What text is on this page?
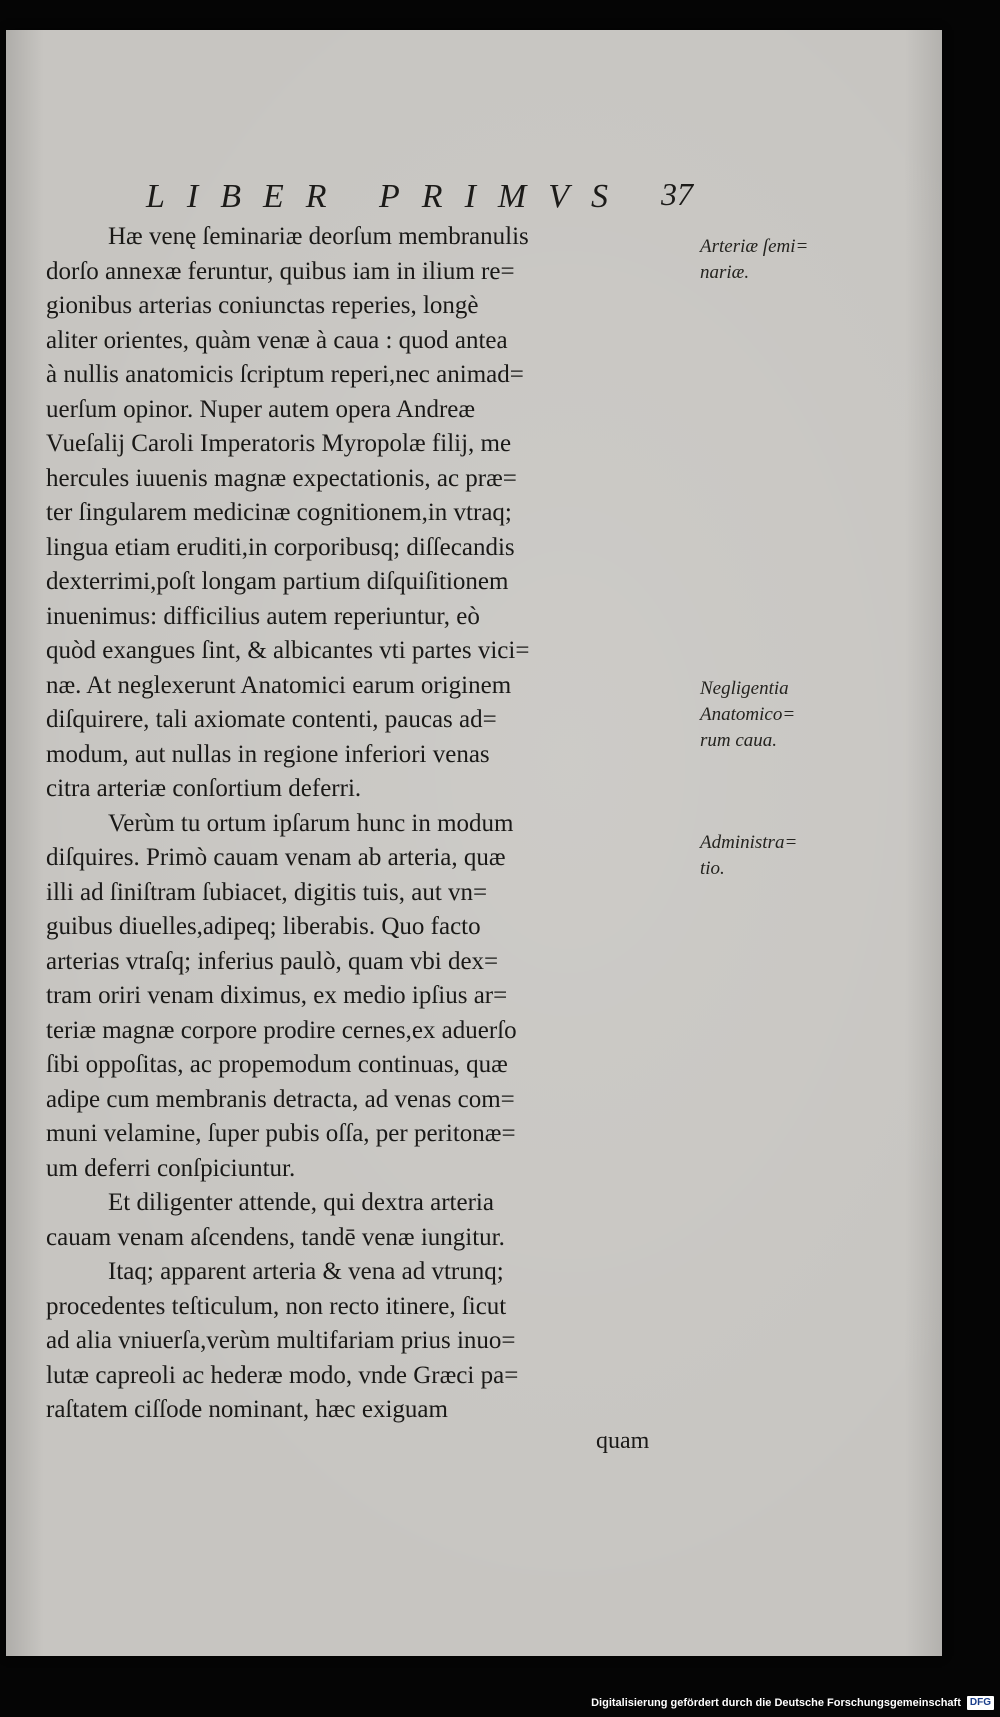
LIBER PRIMVS 37
Hæ venę ſeminariæ deorſum membranulis
dorſo annexæ feruntur, quibus iam in ilium re=
gionibus arterias coniunctas reperies, longè
aliter orientes, quàm venæ à caua : quod antea
à nullis anatomicis ſcriptum reperi,nec animad=
uerſum opinor. Nuper autem opera Andreæ
Vueſalij Caroli Imperatoris Myropolæ filij, me
hercules iuuenis magnæ expectationis, ac præ=
ter ſingularem medicinæ cognitionem,in vtraq;
lingua etiam eruditi,in corporibusq; diſſecandis
dexterrimi,poſt longam partium diſquiſitionem
inuenimus: difficilius autem reperiuntur, eò
quòd exangues ſint, & albicantes vti partes vici=
næ. At neglexerunt Anatomici earum originem
diſquirere, tali axiomate contenti, paucas ad=
modum, aut nullas in regione inferiori venas
citra arteriæ conſortium deferri.
Verùm tu ortum ipſarum hunc in modum
diſquires. Primò cauam venam ab arteria, quæ
illi ad ſiniſtram ſubiacet, digitis tuis, aut vn=
guibus diuelles,adipeq; liberabis. Quo facto
arterias vtraſq; inferius paulò, quam vbi dex=
tram oriri venam diximus, ex medio ipſius ar=
teriæ magnæ corpore prodire cernes,ex aduerſo
ſibi oppoſitas, ac propemodum continuas, quæ
adipe cum membranis detracta, ad venas com=
muni velamine, ſuper pubis oſſa, per peritonæ=
um deferri conſpiciuntur.
Et diligenter attende, qui dextra arteria
cauam venam aſcendens, tandē venæ iungitur.
Itaq; apparent arteria & vena ad vtrunq;
procedentes teſticulum, non recto itinere, ſicut
ad alia vniuerſa,verùm multifariam prius inuo=
lutæ capreoli ac hederæ modo, vnde Græci pa=
raſtatem ciſſode nominant, hæc exiguam
quam
Arteriæ ſemi=
nariæ.
Negligentia
Anatomico=
rum caua.
Administra=
tio.
Digitalisierung gefördert durch die Deutsche Forschungsgemeinschaft DFG
